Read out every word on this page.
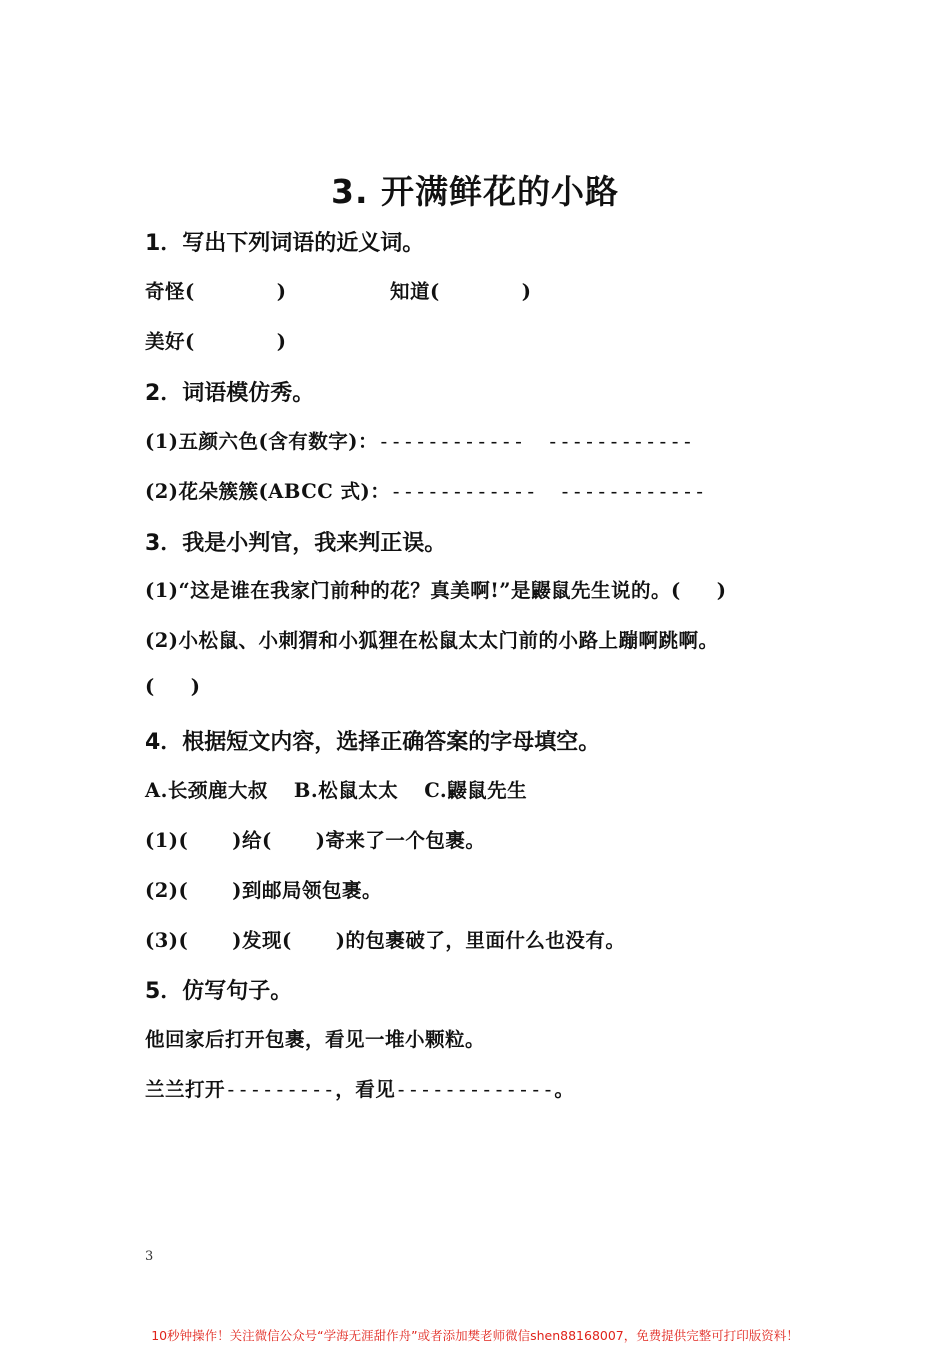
3. 开满鲜花的小路
1．写出下列词语的近义词。
奇怪(	)	知道(	)
美好(	)
2．词语模仿秀。
(1)五颜六色(含有数字)：------------ ------------
(2)花朵簇簇(ABCC 式)：------------ ------------
3．我是小判官，我来判正误。
(1)“这是谁在我家门前种的花？真美啊!”是鼹鼠先生说的。( )
(2)小松鼠、小刺猬和小狐狸在松鼠太太门前的小路上蹦啊跳啊。
( )
4．根据短文内容，选择正确答案的字母填空。
A.长颈鹿大叔 B.松鼠太太 C.鼹鼠先生
(1)( )给( )寄来了一个包裹。
(2)( )到邮局领包裹。
(3)( )发现( )的包裹破了，里面什么也没有。
5．仿写句子。
他回家后打开包裹，看见一堆小颗粒。
兰兰打开---------，看见-------------。
3
10秒钟操作！关注微信公众号“学海无涯甜作舟”或者添加樊老师微信shen88168007，免费提供完整可打印版资料！
